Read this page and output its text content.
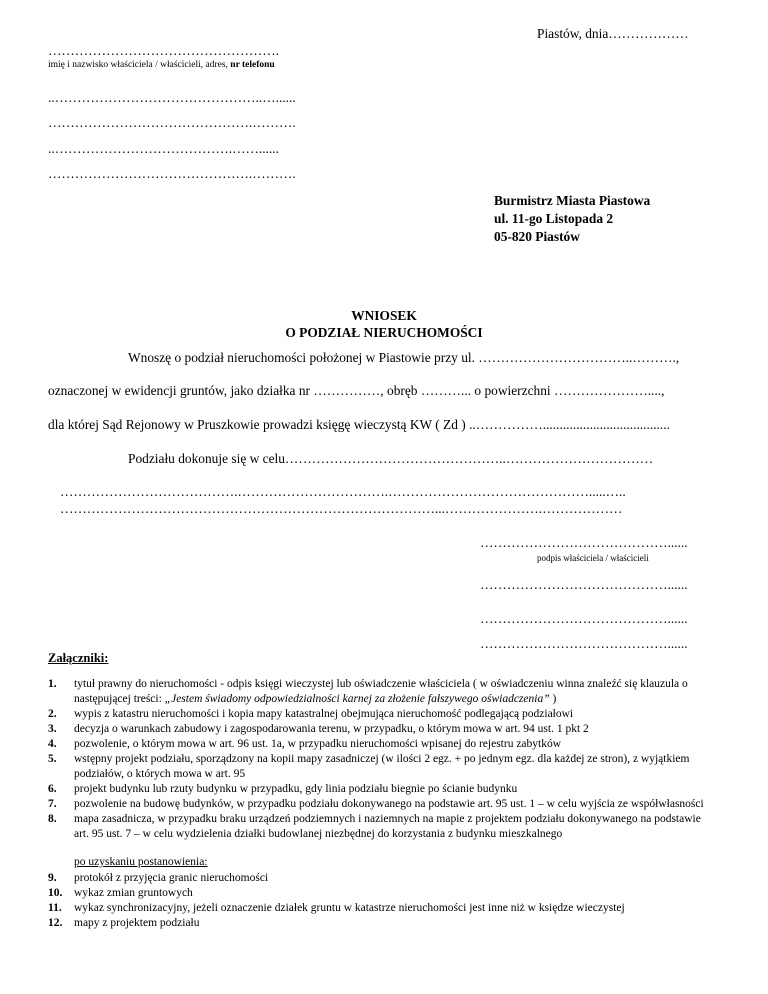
Piastów, dnia………………
…………………………………………….
imię i nazwisko właściciela / właścicieli, adres, nr telefonu
..………………………………………..…......
……………………………………….……….
..………………………………….……......
……………………………………….……….
Burmistrz Miasta Piastowa
ul. 11-go Listopada 2
05-820 Piastów
WNIOSEK
O PODZIAŁ NIERUCHOMOŚCI
Wnoszę o podział nieruchomości położonej w Piastowie przy ul. ……………………………..……….,
oznaczonej w ewidencji gruntów, jako działka nr ……………, obręb ………... o powierzchni …………………....,
dla której Sąd Rejonowy w Pruszkowie prowadzi księgę wieczystą KW ( Zd ) ..……………......................................
Podziału dokonuje się w celu…………………………………………..……………………………
………………………………….…………………………….……………………………………….....…..
…………………………………………………………………………...………………….………………
……………………………………......
podpis właściciela / właścicieli
……………………………………......
……………………………………......
……………………………………......
Załączniki:
1. tytuł prawny do nieruchomości - odpis księgi wieczystej lub oświadczenie właściciela ( w oświadczeniu winna znaleźć się klauzula o następującej treści: „Jestem świadomy odpowiedzialności karnej za złożenie fałszywego oświadczenia” )
2. wypis z katastru nieruchomości i kopia mapy katastralnej obejmująca nieruchomość podlegającą podziałowi
3. decyzja o warunkach zabudowy i zagospodarowania terenu, w przypadku, o którym mowa w art. 94 ust. 1 pkt 2
4. pozwolenie, o którym mowa w art. 96 ust. 1a, w przypadku nieruchomości wpisanej do rejestru zabytków
5. wstępny projekt podziału, sporządzony na kopii mapy zasadniczej (w ilości 2 egz. + po jednym egz. dla każdej ze stron), z wyjątkiem podziałów, o których mowa w art. 95
6. projekt budynku lub rzuty budynku w przypadku, gdy linia podziału biegnie po ścianie budynku
7. pozwolenie na budowę budynków, w przypadku podziału dokonywanego na podstawie art. 95 ust. 1 – w celu wyjścia ze współwłasności
8. mapa zasadnicza, w przypadku braku urządzeń podziemnych i naziemnych na mapie z projektem podziału dokonywanego na podstawie art. 95 ust. 7 – w celu wydzielenia działki budowlanej niezbędnej do korzystania z budynku mieszkalnego
po uzyskaniu postanowienia:
9. protokół z przyjęcia granic nieruchomości
10. wykaz zmian gruntowych
11. wykaz synchronizacyjny, jeżeli oznaczenie działek gruntu w katastrze nieruchomości jest inne niż w księdze wieczystej
12. mapy z projektem podziału
